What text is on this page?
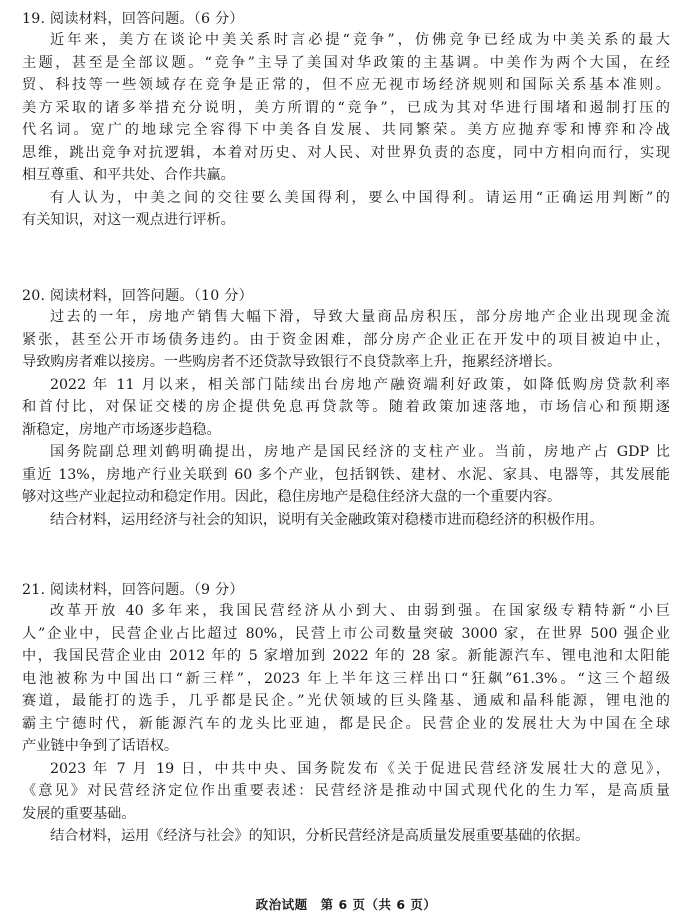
19. 阅读材料，回答问题。（6 分）

近年来，美方在谈论中美关系时言必提“竞争”，仿佛竞争已经成为中美关系的最大
主题，甚至是全部议题。“竞争”主导了美国对华政策的主基调。中美作为两个大国，在经
贸、科技等一些领域存在竞争是正常的，但不应无视市场经济规则和国际关系基本准则。
美方采取的诸多举措充分说明，美方所谓的“竞争”，已成为其对华进行围堵和遏制打压的
代名词。宽广的地球完全容得下中美各自发展、共同繁荣。美方应抛弃零和博弈和冷战
思维，跳出竞争对抗逻辑，本着对历史、对人民、对世界负责的态度，同中方相向而行，实现
相互尊重、和平共处、合作共赢。

有人认为，中美之间的交往要么美国得利，要么中国得利。请运用“正确运用判断”的
有关知识，对这一观点进行评析。

20. 阅读材料，回答问题。（10 分）

过去的一年，房地产销售大幅下滑，导致大量商品房积压，部分房地产企业出现现金流
紧张，甚至公开市场债务违约。由于资金困难，部分房产企业正在开发中的项目被迫中止，
导致购房者难以接房。一些购房者不还贷款导致银行不良贷款率上升，拖累经济增长。

2022 年 11 月以来，相关部门陆续出台房地产融资端利好政策，如降低购房贷款利率
和首付比，对保证交楼的房企提供免息再贷款等。随着政策加速落地，市场信心和预期逐
渐稳定，房地产市场逐步趋稳。

国务院副总理刘鹤明确提出，房地产是国民经济的支柱产业。当前，房地产占 GDP 比
重近 13%，房地产行业关联到 60 多个产业，包括钢铁、建材、水泥、家具、电器等，其发展能
够对这些产业起拉动和稳定作用。因此，稳住房地产是稳住经济大盘的一个重要内容。

结合材料，运用经济与社会的知识，说明有关金融政策对稳楼市进而稳经济的积极作用。

21. 阅读材料，回答问题。（9 分）

改革开放 40 多年来，我国民营经济从小到大、由弱到强。在国家级专精特新“小巨
人”企业中，民营企业占比超过 80%，民营上市公司数量突破 3000 家，在世界 500 强企业
中，我国民营企业由 2012 年的 5 家增加到 2022 年的 28 家。新能源汽车、锂电池和太阳能
电池被称为中国出口“新三样”，2023 年上半年这三样出口“狂飙”61.3%。“这三个超级
赛道，最能打的选手，几乎都是民企。”光伏领域的巨头隆基、通威和晶科能源，锂电池的
霸主宁德时代，新能源汽车的龙头比亚迪，都是民企。民营企业的发展壮大为中国在全球
产业链中争到了话语权。

2023 年 7 月 19 日，中共中央、国务院发布《关于促进民营经济发展壮大的意见》，
《意见》对民营经济定位作出重要表述：民营经济是推动中国式现代化的生力军，是高质量
发展的重要基础。

结合材料，运用《经济与社会》的知识，分析民营经济是高质量发展重要基础的依据。

政治试题　第 6 页（共 6 页）
